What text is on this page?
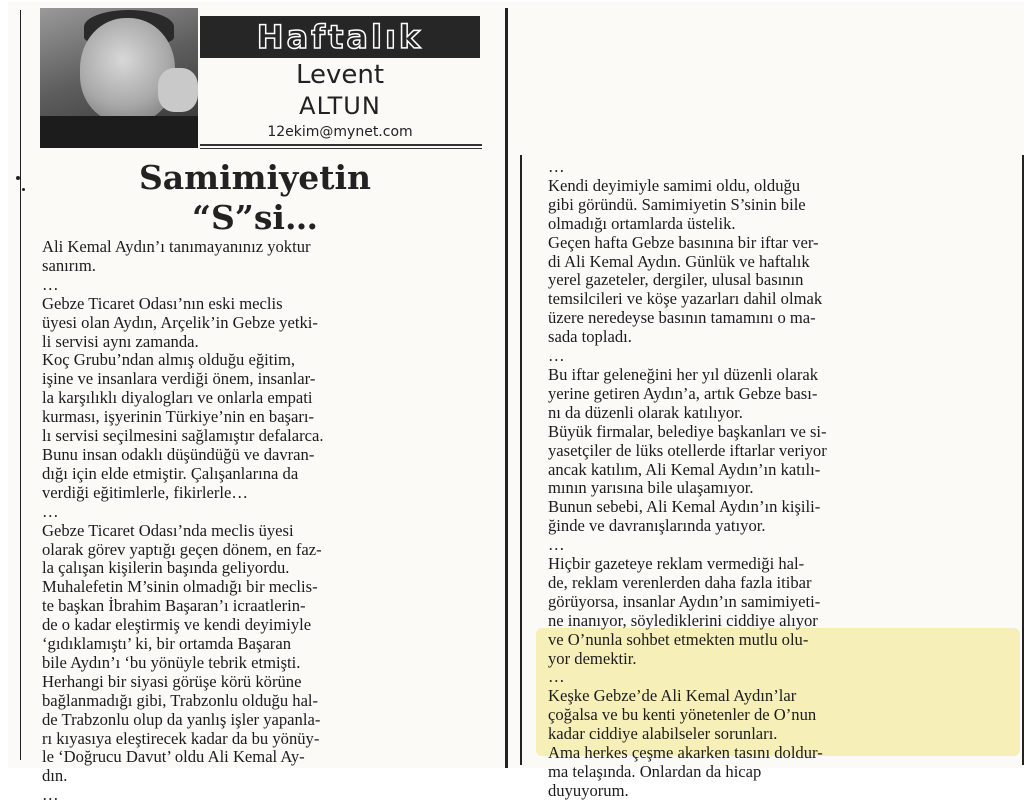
Haftalık
Levent
ALTUN
12ekim@mynet.com
Samimiyetin
“S”si…

Ali Kemal Aydın’ı tanımayanınız yoktur

sanırım.

…

Gebze Ticaret Odası’nın eski meclis

üyesi olan Aydın, Arçelik’in Gebze yetki-

li servisi aynı zamanda.

Koç Grubu’ndan almış olduğu eğitim,

işine ve insanlara verdiği önem, insanlar-

la karşılıklı diyalogları ve onlarla empati

kurması, işyerinin Türkiye’nin en başarı-

lı servisi seçilmesini sağlamıştır defalarca.

Bunu insan odaklı düşündüğü ve davran-

dığı için elde etmiştir. Çalışanlarına da

verdiği eğitimlerle, fikirlerle…

…

Gebze Ticaret Odası’nda meclis üyesi

olarak görev yaptığı geçen dönem, en faz-

la çalışan kişilerin başında geliyordu.

Muhalefetin M’sinin olmadığı bir meclis-

te başkan İbrahim Başaran’ı icraatlerin-

de o kadar eleştirmiş ve kendi deyimiyle

‘gıdıklamıştı’ ki, bir ortamda Başaran

bile Aydın’ı ‘bu yönüyle tebrik etmişti.

Herhangi bir siyasi görüşe körü körüne

bağlanmadığı gibi, Trabzonlu olduğu hal-

de Trabzonlu olup da yanlış işler yapanla-

rı kıyasıya eleştirecek kadar da bu yönüy-

le ‘Doğrucu Davut’ oldu Ali Kemal Ay-

dın.

…

…

Kendi deyimiyle samimi oldu, olduğu

gibi göründü. Samimiyetin S’sinin bile

olmadığı ortamlarda üstelik.

Geçen hafta Gebze basınına bir iftar ver-

di Ali Kemal Aydın. Günlük ve haftalık

yerel gazeteler, dergiler, ulusal basının

temsilcileri ve köşe yazarları dahil olmak

üzere neredeyse basının tamamını o ma-

sada topladı.

…

Bu iftar geleneğini her yıl düzenli olarak

yerine getiren Aydın’a, artık Gebze bası-

nı da düzenli olarak katılıyor.

Büyük firmalar, belediye başkanları ve si-

yasetçiler de lüks otellerde iftarlar veriyor

ancak katılım, Ali Kemal Aydın’ın katılı-

mının yarısına bile ulaşamıyor.

Bunun sebebi, Ali Kemal Aydın’ın kişili-

ğinde ve davranışlarında yatıyor.

…

Hiçbir gazeteye reklam vermediği hal-

de, reklam verenlerden daha fazla itibar

görüyorsa, insanlar Aydın’ın samimiyeti-

ne inanıyor, söylediklerini ciddiye alıyor

ve O’nunla sohbet etmekten mutlu olu-

yor demektir.

…

Keşke Gebze’de Ali Kemal Aydın’lar

çoğalsa ve bu kenti yönetenler de O’nun

kadar ciddiye alabilseler sorunları.

Ama herkes çeşme akarken tasını doldur-

ma telaşında. Onlardan da hicap

duyuyorum.
